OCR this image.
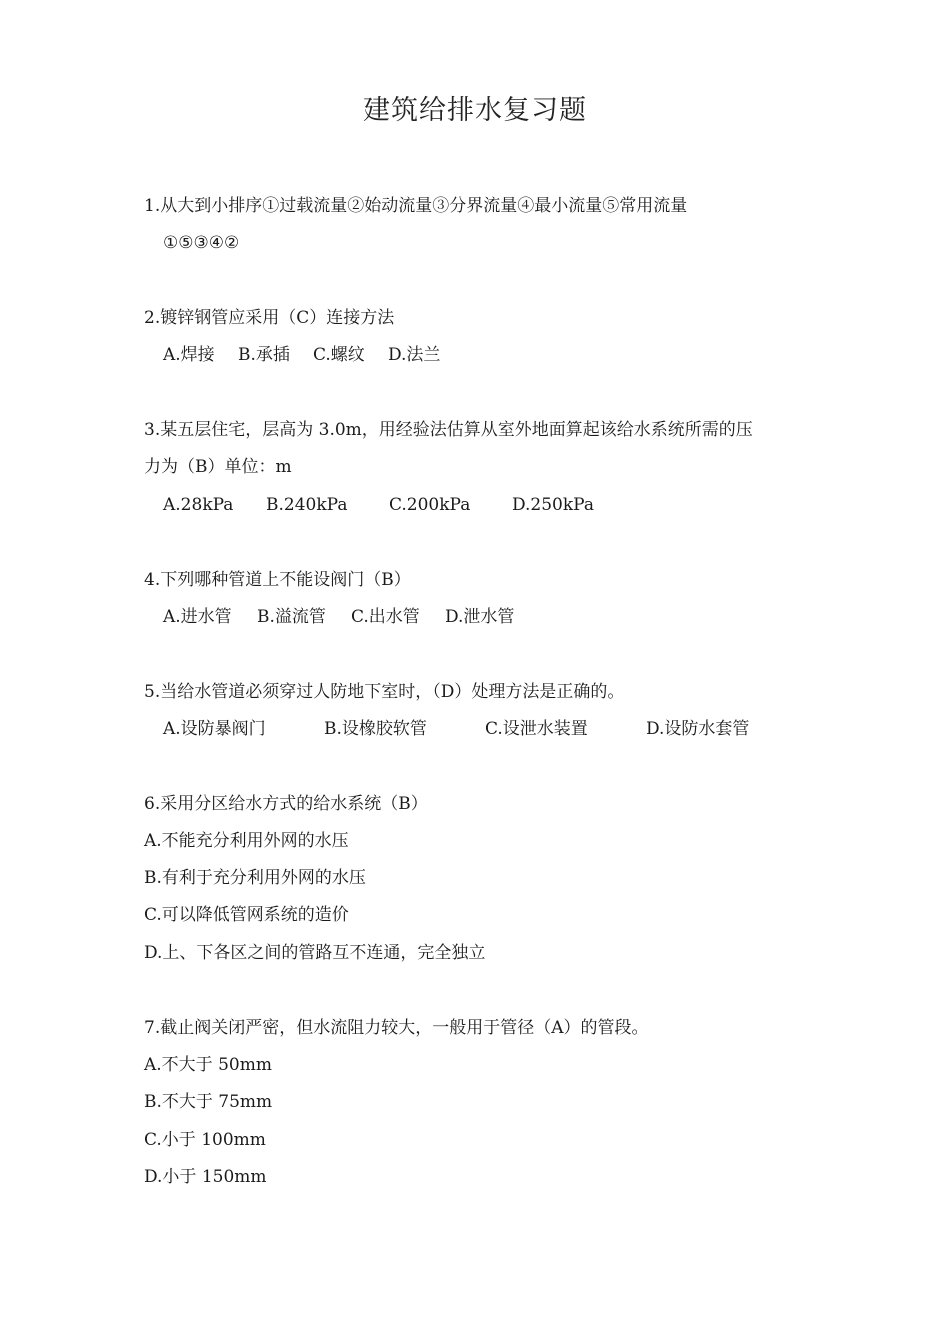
建筑给排水复习题
1.从大到小排序①过载流量②始动流量③分界流量④最小流量⑤常用流量
①⑤③④②
2.镀锌钢管应采用（C）连接方法
A.焊接 B.承插 C.螺纹 D.法兰
3.某五层住宅，层高为 3.0m，用经验法估算从室外地面算起该给水系统所需的压
力为（B）单位：m
A.28kPa B.240kPa C.200kPa D.250kPa
4.下列哪种管道上不能设阀门（B）
A.进水管 B.溢流管 C.出水管 D.泄水管
5.当给水管道必须穿过人防地下室时，（D）处理方法是正确的。
A.设防暴阀门	B.设橡胶软管	C.设泄水装置	D.设防水套管
6.采用分区给水方式的给水系统（B）
A.不能充分利用外网的水压
B.有利于充分利用外网的水压
C.可以降低管网系统的造价
D.上、下各区之间的管路互不连通，完全独立
7.截止阀关闭严密，但水流阻力较大，一般用于管径（A）的管段。
A.不大于 50mm
B.不大于 75mm
C.小于 100mm
D.小于 150mm
